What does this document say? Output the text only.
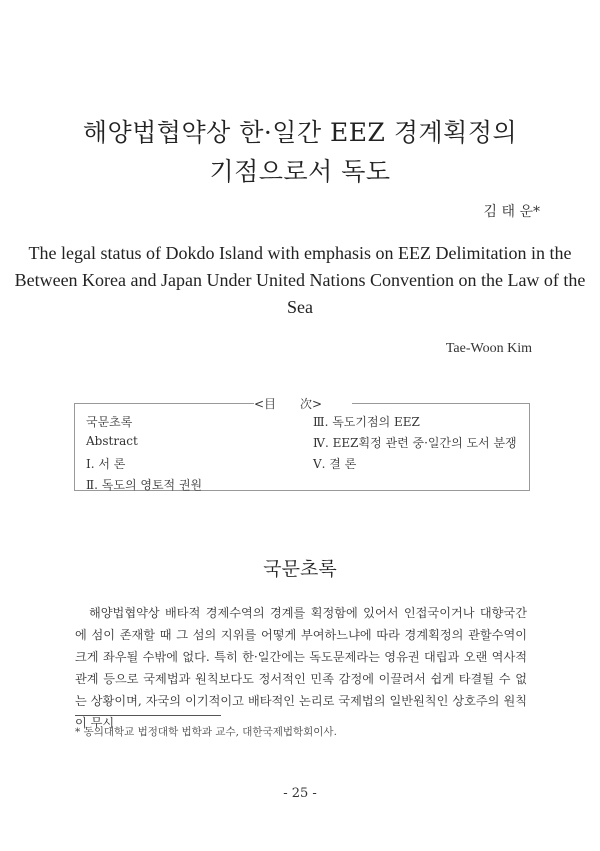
해양법협약상 한·일간 EEZ 경계획정의
기점으로서 독도
김 태 운*

The legal status of Dokdo Island with emphasis on EEZ Delimitation in the Between Korea and Japan Under United Nations Convention on the Law of the Sea

Tae-Woon Kim
<目　　次>
국문초록
Abstract
Ⅰ. 서 론
Ⅱ. 독도의 영토적 권원
Ⅲ. 독도기점의 EEZ
Ⅳ. EEZ획정 관련 중·일간의 도서 분쟁
Ⅴ. 결 론
국문초록

해양법협약상 배타적 경제수역의 경계를 획정함에 있어서 인접국이거나 대향국간에 섬이 존재할 때 그 섬의 지위를 어떻게 부여하느냐에 따라 경계획정의 관할수역이 크게 좌우될 수밖에 없다. 특히 한·일간에는 독도문제라는 영유권 대립과 오랜 역사적 관계 등으로 국제법과 원칙보다도 정서적인 민족 감정에 이끌려서 쉽게 타결될 수 없는 상황이며, 자국의 이기적이고 배타적인 논리로 국제법의 일반원칙인 상호주의 원칙이 무시

* 동의대학교 법정대학 법학과 교수, 대한국제법학회이사.
- 25 -
